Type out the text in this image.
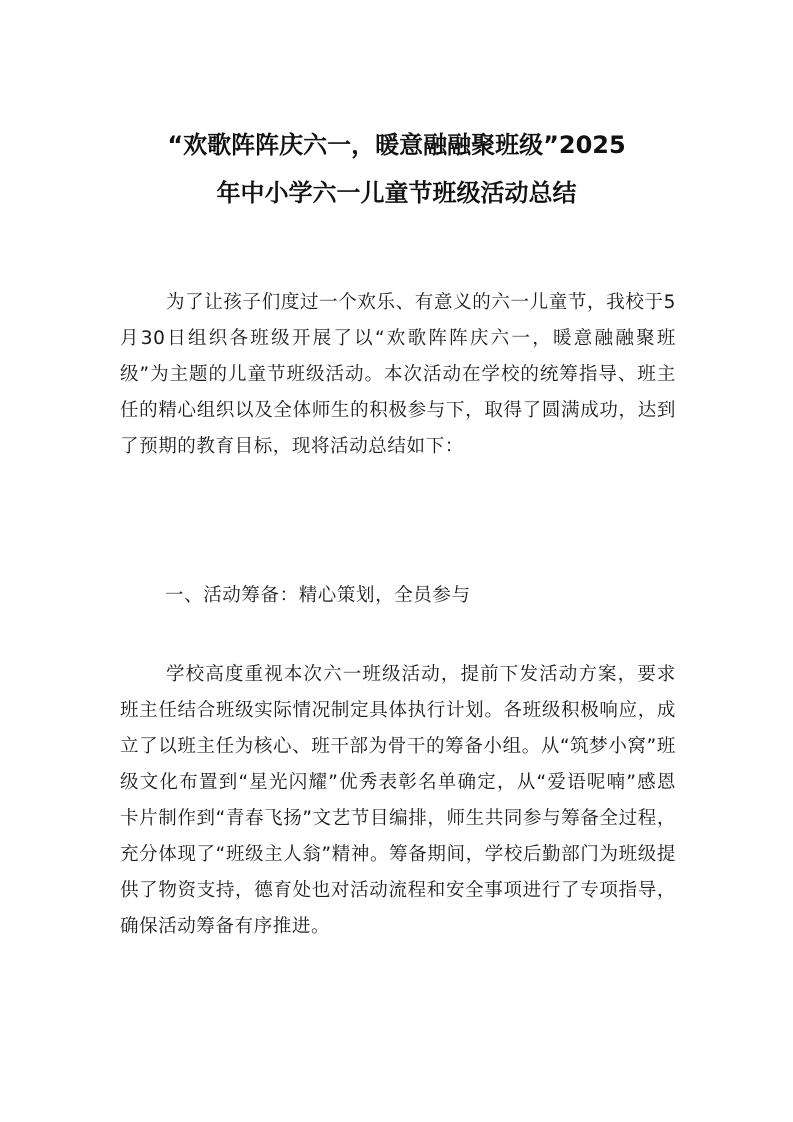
“欢歌阵阵庆六一，暖意融融聚班级”2025
年中小学六一儿童节班级活动总结

为了让孩子们度过一个欢乐、有意义的六一儿童节，我校于5月30日组织各班级开展了以“欢歌阵阵庆六一，暖意融融聚班级”为主题的儿童节班级活动。本次活动在学校的统筹指导、班主任的精心组织以及全体师生的积极参与下，取得了圆满成功，达到了预期的教育目标，现将活动总结如下：

一、活动筹备：精心策划，全员参与

学校高度重视本次六一班级活动，提前下发活动方案，要求班主任结合班级实际情况制定具体执行计划。各班级积极响应，成立了以班主任为核心、班干部为骨干的筹备小组。从“筑梦小窝”班级文化布置到“星光闪耀”优秀表彰名单确定，从“爱语呢喃”感恩卡片制作到“青春飞扬”文艺节目编排，师生共同参与筹备全过程，充分体现了“班级主人翁”精神。筹备期间，学校后勤部门为班级提供了物资支持，德育处也对活动流程和安全事项进行了专项指导，确保活动筹备有序推进。
